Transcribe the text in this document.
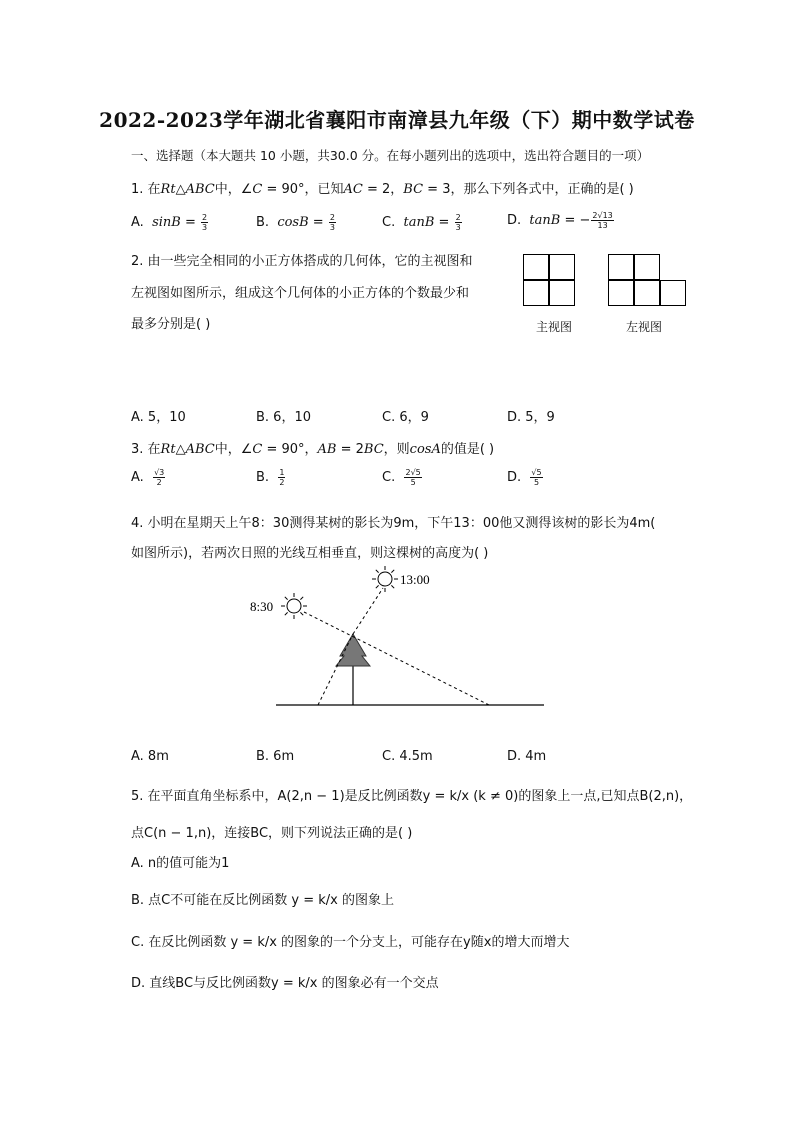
2022-2023学年湖北省襄阳市南漳县九年级（下）期中数学试卷
一、选择题（本大题共 10 小题，共30.0 分。在每小题列出的选项中，选出符合题目的一项）
1. 在Rt△ABC中，∠C = 90°，已知AC = 2，BC = 3，那么下列各式中，正确的是( )
A. $\sin B = \frac{2}{3}$	B. $\cos B = \frac{2}{3}$	C. $\tan B = \frac{2}{3}$	D. tanB = − $\frac{2√13}{13}$
2. 由一些完全相同的小正方体搭成的几何体，它的主视图和
左视图如图所示，组成这个几何体的小正方体的个数最少和
最多分别是( )	主视图	左视图
A. 5，10	B. 6，10	C. 6，9	D. 5，9
3. 在Rt△ABC中，∠C = 90°，AB = 2BC，则cosA的值是( )
A. $\frac{√3}{2}$	B. $\frac{1}{2}$	C. $\frac{2√5}{5}$	D. $\frac{√5}{5}$
4. 小明在星期天上午8：30测得某树的影长为9m，下午13：00他又测得该树的影长为4m(
如图所示)，若两次日照的光线互相垂直，则这棵树的高度为( )
8:30
13:00
A. 8m	B. 6m	C. 4.5m	D. 4m
5. 在平面直角坐标系中，A(2,n − 1)是反比例函数y = k/x (k ≠ 0)的图象上一点,已知点B(2,n)，
点C(n − 1,n)，连接BC，则下列说法正确的是( )
A. n的值可能为1
B. 点C不可能在反比例函数 y = k/x 的图象上
C. 在反比例函数 y = k/x 的图象的一个分支上，可能存在y随x的增大而增大
D. 直线BC与反比例函数y = k/x 的图象必有一个交点
